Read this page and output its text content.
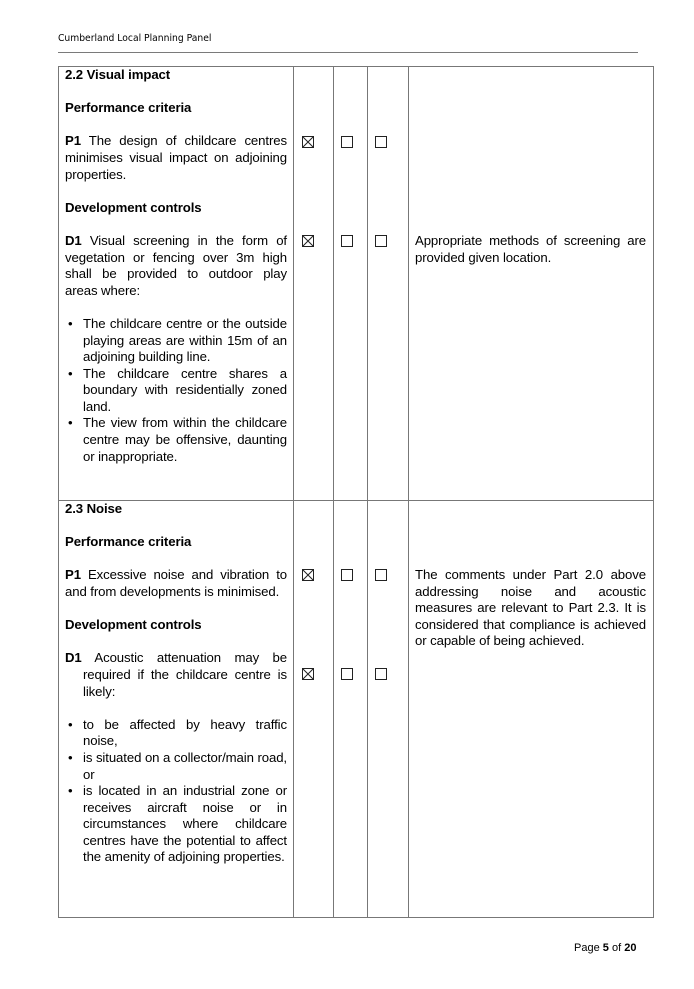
Cumberland Local Planning Panel

2.2 Visual impact

Performance criteria

P1 The design of childcare centres minimises visual impact on adjoining properties.

Development controls

D1 Visual screening in the form of vegetation or fencing over 3m high shall be provided to outdoor play areas where:

• The childcare centre or the outside playing areas are within 15m of an adjoining building line.
• The childcare centre shares a boundary with residentially zoned land.
• The view from within the childcare centre may be offensive, daunting or inappropriate.
Appropriate methods of screening are provided given location.

2.3 Noise

Performance criteria

P1 Excessive noise and vibration to and from developments is minimised.

Development controls

D1 Acoustic attenuation may be required if the childcare centre is likely:

• to be affected by heavy traffic noise,
• is situated on a collector/main road, or
• is located in an industrial zone or receives aircraft noise or in circumstances where childcare centres have the potential to affect the amenity of adjoining properties.
The comments under Part 2.0 above addressing noise and acoustic measures are relevant to Part 2.3. It is considered that compliance is achieved or capable of being achieved.
Page 5 of 20
